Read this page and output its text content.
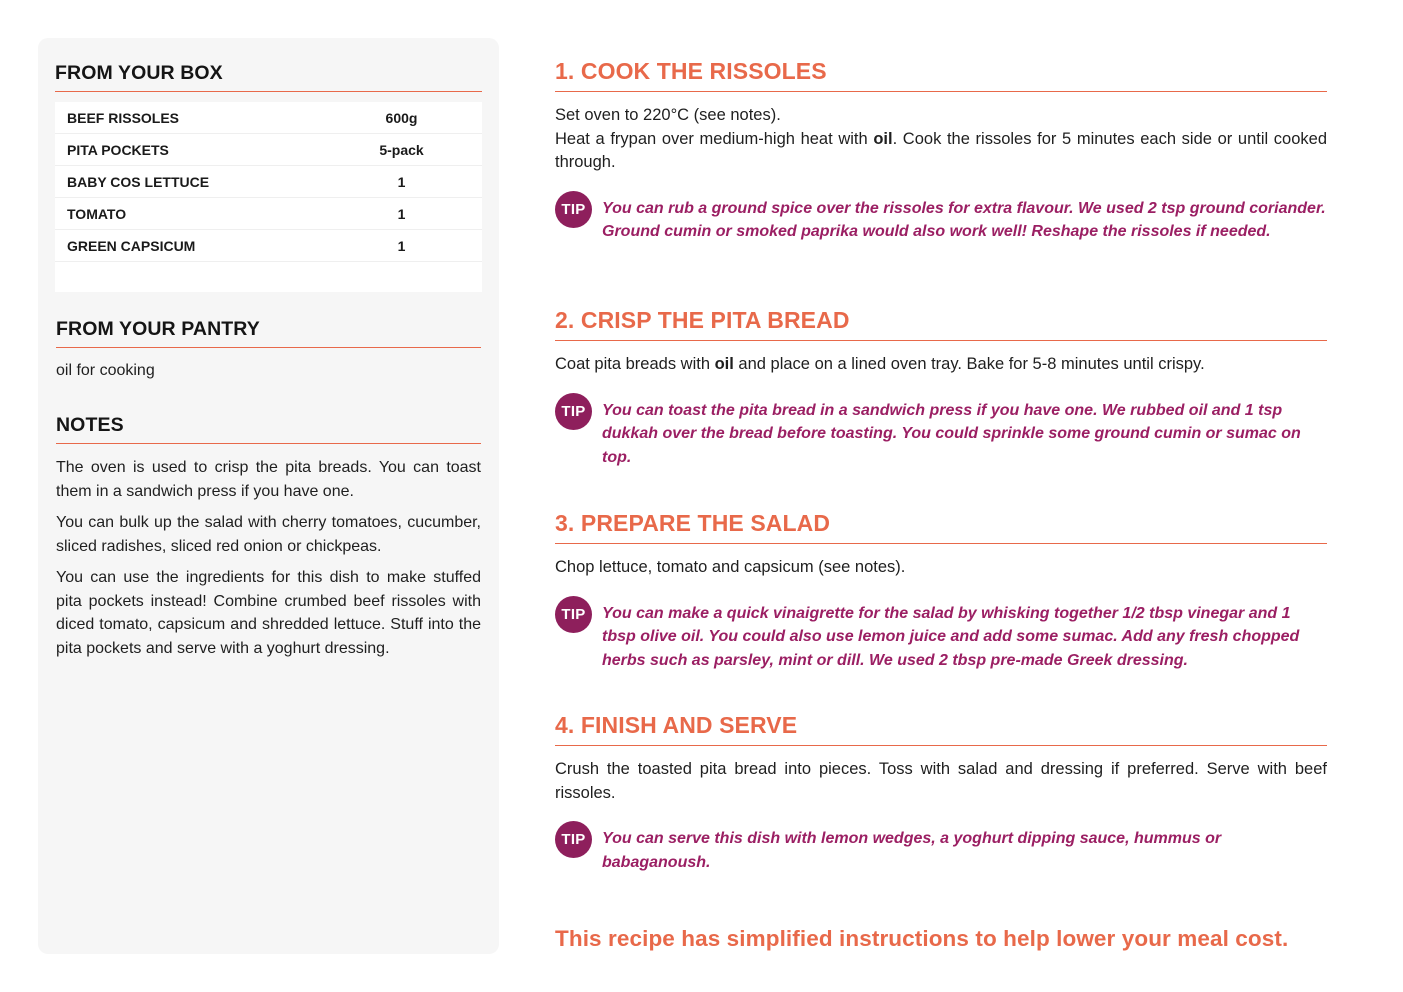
FROM YOUR BOX
BEEF RISSOLES	600g
PITA POCKETS	5-pack
BABY COS LETTUCE	1
TOMATO	1
GREEN CAPSICUM	1
FROM YOUR PANTRY
oil for cooking
NOTES

The oven is used to crisp the pita breads. You can toast them in a sandwich press if you have one.

You can bulk up the salad with cherry tomatoes, cucumber, sliced radishes, sliced red onion or chickpeas.

You can use the ingredients for this dish to make stuffed pita pockets instead! Combine crumbed beef rissoles with diced tomato, capsicum and shredded lettuce. Stuff into the pita pockets and serve with a yoghurt dressing.

1. COOK THE RISSOLES
Set oven to 220°C (see notes).
Heat a frypan over medium-high heat with oil. Cook the rissoles for 5 minutes each side or until cooked through.
TIP	You can rub a ground spice over the rissoles for extra flavour. We used 2 tsp ground coriander. Ground cumin or smoked paprika would also work well! Reshape the rissoles if needed.
2. CRISP THE PITA BREAD
Coat pita breads with oil and place on a lined oven tray. Bake for 5-8 minutes until crispy.
TIP	You can toast the pita bread in a sandwich press if you have one. We rubbed oil and 1 tsp dukkah over the bread before toasting. You could sprinkle some ground cumin or sumac on top.
3. PREPARE THE SALAD
Chop lettuce, tomato and capsicum (see notes).
TIP	You can make a quick vinaigrette for the salad by whisking together 1/2 tbsp vinegar and 1 tbsp olive oil. You could also use lemon juice and add some sumac. Add any fresh chopped herbs such as parsley, mint or dill. We used 2 tbsp pre-made Greek dressing.
4. FINISH AND SERVE
Crush the toasted pita bread into pieces. Toss with salad and dressing if preferred. Serve with beef rissoles.
TIP	You can serve this dish with lemon wedges, a yoghurt dipping sauce, hummus or babaganoush.
This recipe has simplified instructions to help lower your meal cost.
